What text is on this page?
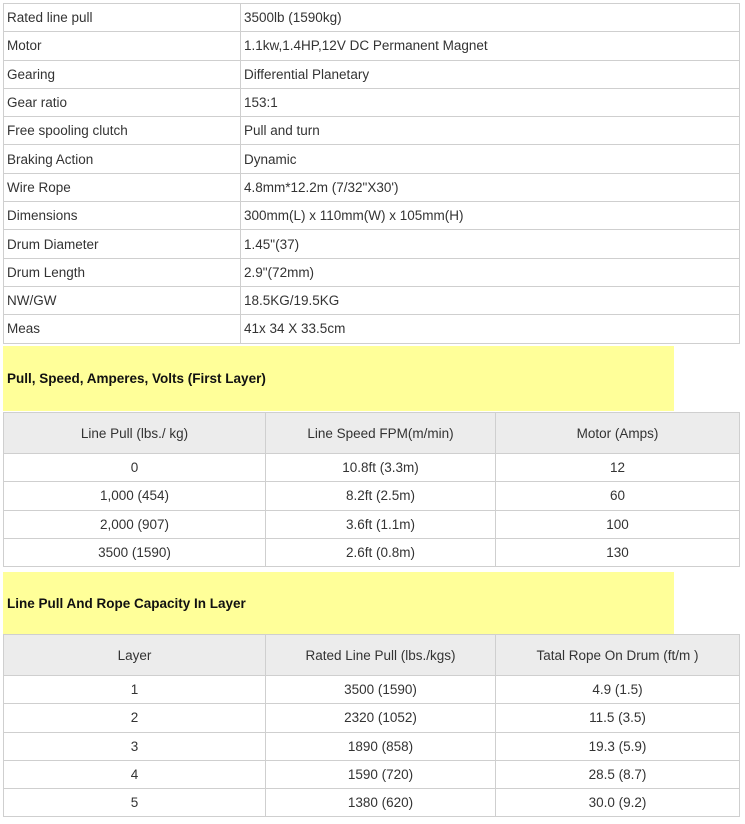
Rated line pull	3500lb (1590kg)
Motor	1.1kw,1.4HP,12V DC Permanent Magnet
Gearing	Differential Planetary
Gear ratio	153:1
Free spooling clutch	Pull and turn
Braking Action	Dynamic
Wire Rope	4.8mm*12.2m (7/32"X30')
Dimensions	300mm(L) x 110mm(W) x 105mm(H)
Drum Diameter	1.45"(37)
Drum Length	2.9"(72mm)
NW/GW	18.5KG/19.5KG
Meas	41x 34 X 33.5cm
Pull, Speed, Amperes, Volts (First Layer)
Line Pull (lbs./ kg)	Line Speed FPM(m/min)	Motor (Amps)
0	10.8ft (3.3m)	12
1,000 (454)	8.2ft (2.5m)	60
2,000 (907)	3.6ft (1.1m)	100
3500 (1590)	2.6ft (0.8m)	130
Line Pull And Rope Capacity In Layer
Layer	Rated Line Pull (lbs./kgs)	Tatal Rope On Drum (ft/m )
1	3500 (1590)	4.9 (1.5)
2	2320 (1052)	11.5 (3.5)
3	1890 (858)	19.3 (5.9)
4	1590 (720)	28.5 (8.7)
5	1380 (620)	30.0 (9.2)
